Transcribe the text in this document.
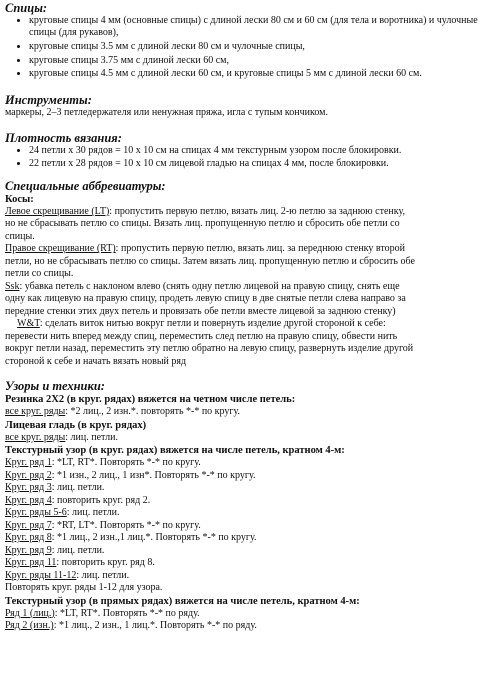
Спицы:

• круговые спицы 4 мм (основные спицы) с длиной лески 80 см и 60 см (для тела и воротника) и чулочные спицы (для рукавов),
• круговые спицы 3.5 мм с длиной лески 80 см и чулочные спицы,
• круговые спицы 3.75 мм с длиной лески 60 см,
• круговые спицы 4.5 мм с длиной лески 60 см, и круговые спицы 5 мм с длиной лески 60 см.

Инструменты:

маркеры, 2–3 петледержателя или ненужная пряжа, игла с тупым кончиком.

Плотность вязания:

• 24 петли x 30 рядов = 10 x 10 см на спицах 4 мм текстурным узором после блокировки.
• 22 петли x 28 рядов = 10 x 10 см лицевой гладью на спицах 4 мм, после блокировки.

Специальные аббревиатуры:

Косы:

Левое скрещивание (LT): пропустить первую петлю, вязать лиц. 2-ю петлю за заднюю стенку,

но не сбрасывать петлю со спицы. Вязать лиц. пропущенную петлю и сбросить обе петли со

спицы.

Правое скрещивание (RT): пропустить первую петлю, вязать лиц. за переднюю стенку второй

петли, но не сбрасывать петлю со спицы. Затем вязать лиц. пропущенную петлю и сбросить обе

петли со спицы.

Ssk: убавка петель с наклоном влево (снять одну петлю лицевой на правую спицу, снять еще

одну как лицевую на правую спицу, продеть левую спицу в две снятые петли слева направо за

передние стенки этих двух петель и провязать обе петли вместе лицевой за заднюю стенку)

W&T: сделать виток нитью вокруг петли и повернуть изделие другой стороной к себе:

перевести нить вперед между спиц, переместить след петлю на правую спицу, обвести нить

вокруг петли назад, переместить эту петлю обратно на левую спицу, развернуть изделие другой

стороной к себе и начать вязать новый ряд

Узоры и техники:

Резинка 2Х2 (в круг. рядах) вяжется на четном числе петель:

все круг. ряды: *2 лиц., 2 изн.*. повторять *-* по кругу.

Лицевая гладь (в круг. рядах)

все круг. ряды: лиц. петли.

Текстурный узор (в круг. рядах) вяжется на числе петель, кратном 4-м:

Круг. ряд 1: *LT, RT*. Повторять *-* по кругу.

Круг. ряд 2: *1 изн., 2 лиц., 1 изн*. Повторять *-* по кругу.

Круг. ряд 3: лиц. петли.

Круг. ряд 4: повторить круг. ряд 2.

Круг. ряды 5-6: лиц. петли.

Круг. ряд 7: *RT, LT*. Повторять *-* по кругу.

Круг. ряд 8: *1 лиц., 2 изн.,1 лиц.*. Повторять *-* по кругу.

Круг. ряд 9: лиц. петли.

Круг. ряд 11: повторить круг. ряд 8.

Круг. ряды 11-12: лиц. петли.

Повторять круг. ряды 1-12 для узора.

Текстурный узор (в прямых рядах) вяжется на числе петель, кратном 4-м:

Ряд 1 (лиц.): *LT, RT*. Повторять *-* по ряду.

Ряд 2 (изн.): *1 лиц., 2 изн., 1 лиц.*. Повторять *-* по ряду.
